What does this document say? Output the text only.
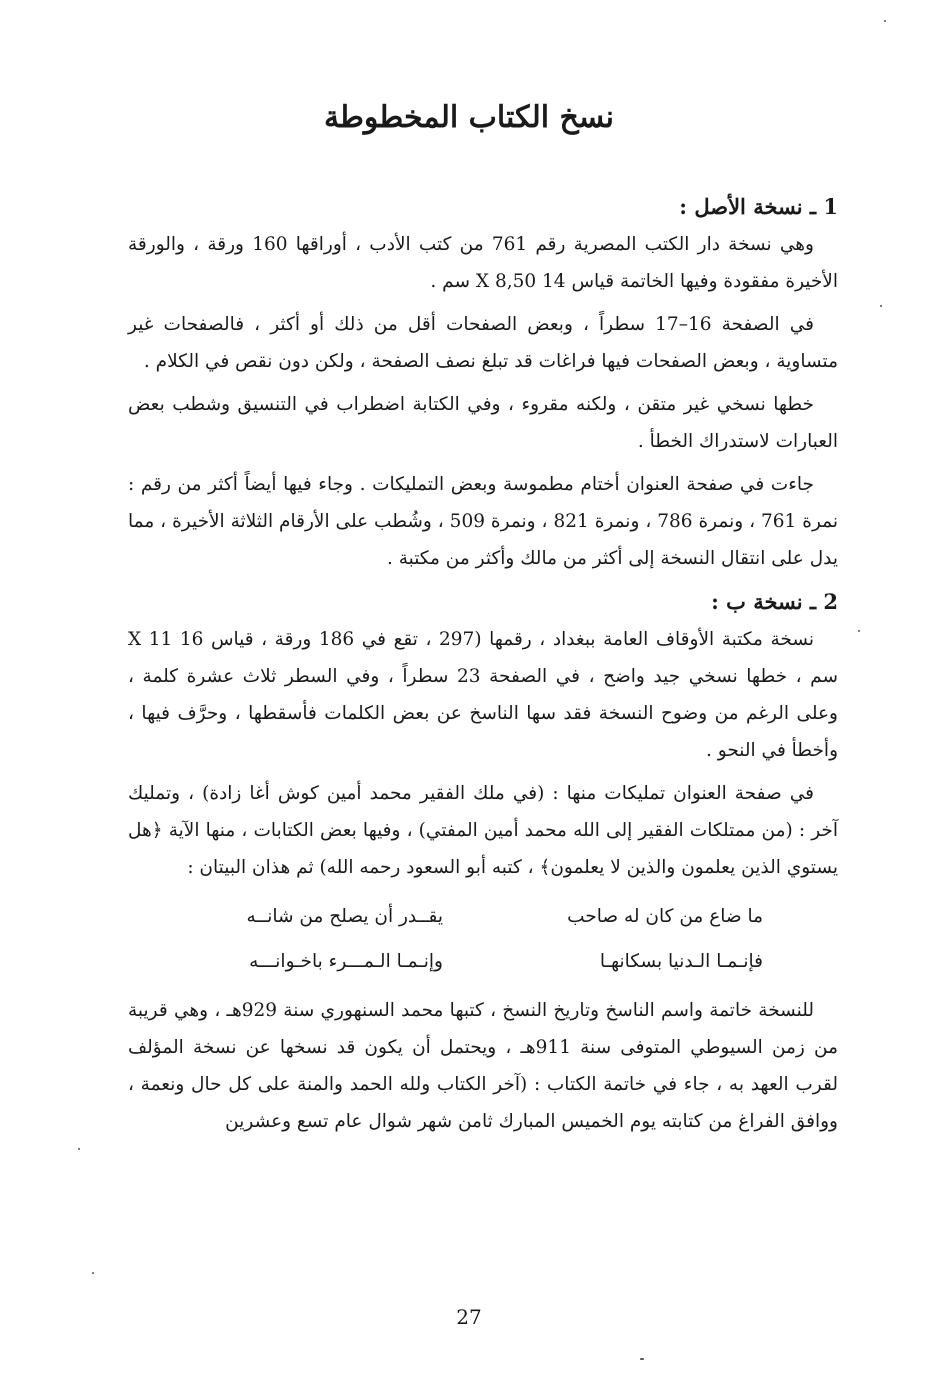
نسخ الكتاب المخطوطة

1 ـ نسخة الأصل :

وهي نسخة دار الكتب المصرية رقم 761 من كتب الأدب ، أوراقها 160 ورقة ، والورقة الأخيرة مفقودة وفيها الخاتمة قياس 14 X 8,50 سم .

في الصفحة 16–17 سطراً ، وبعض الصفحات أقل من ذلك أو أكثر ، فالصفحات غير متساوية ، وبعض الصفحات فيها فراغات قد تبلغ نصف الصفحة ، ولكن دون نقص في الكلام .

خطها نسخي غير متقن ، ولكنه مقروء ، وفي الكتابة اضطراب في التنسيق وشطب بعض العبارات لاستدراك الخطأ .

جاءت في صفحة العنوان أختام مطموسة وبعض التمليكات . وجاء فيها أيضاً أكثر من رقم : نمرة 761 ، ونمرة 786 ، ونمرة 821 ، ونمرة 509 ، وشُطب على الأرقام الثلاثة الأخيرة ، مما يدل على انتقال النسخة إلى أكثر من مالك وأكثر من مكتبة .

2 ـ نسخة ب :

نسخة مكتبة الأوقاف العامة ببغداد ، رقمها (297 ، تقع في 186 ورقة ، قياس 16 X 11 سم ، خطها نسخي جيد واضح ، في الصفحة 23 سطراً ، وفي السطر ثلاث عشرة كلمة ، وعلى الرغم من وضوح النسخة فقد سها الناسخ عن بعض الكلمات فأسقطها ، وحرَّف فيها ، وأخطأ في النحو .

في صفحة العنوان تمليكات منها : (في ملك الفقير محمد أمين كوش أغا زادة) ، وتمليك آخر : (من ممتلكات الفقير إلى الله محمد أمين المفتي) ، وفيها بعض الكتابات ، منها الآية ﴿هل يستوي الذين يعلمون والذين لا يعلمون﴾ ، كتبه أبو السعود رحمه الله) ثم هذان البيتان :

ما ضاع من كان له صاحب
يقــدر أن يصلح من شانــه
فإنـمـا الـدنيا بسكانهـا
وإنـمـا الـمـــرء باخـوانـــه

للنسخة خاتمة واسم الناسخ وتاريخ النسخ ، كتبها محمد السنهوري سنة 929هـ ، وهي قريبة من زمن السيوطي المتوفى سنة 911هـ ، ويحتمل أن يكون قد نسخها عن نسخة المؤلف لقرب العهد به ، جاء في خاتمة الكتاب : (آخر الكتاب ولله الحمد والمنة على كل حال ونعمة ، ووافق الفراغ من كتابته يوم الخميس المبارك ثامن شهر شوال عام تسع وعشرين

27
